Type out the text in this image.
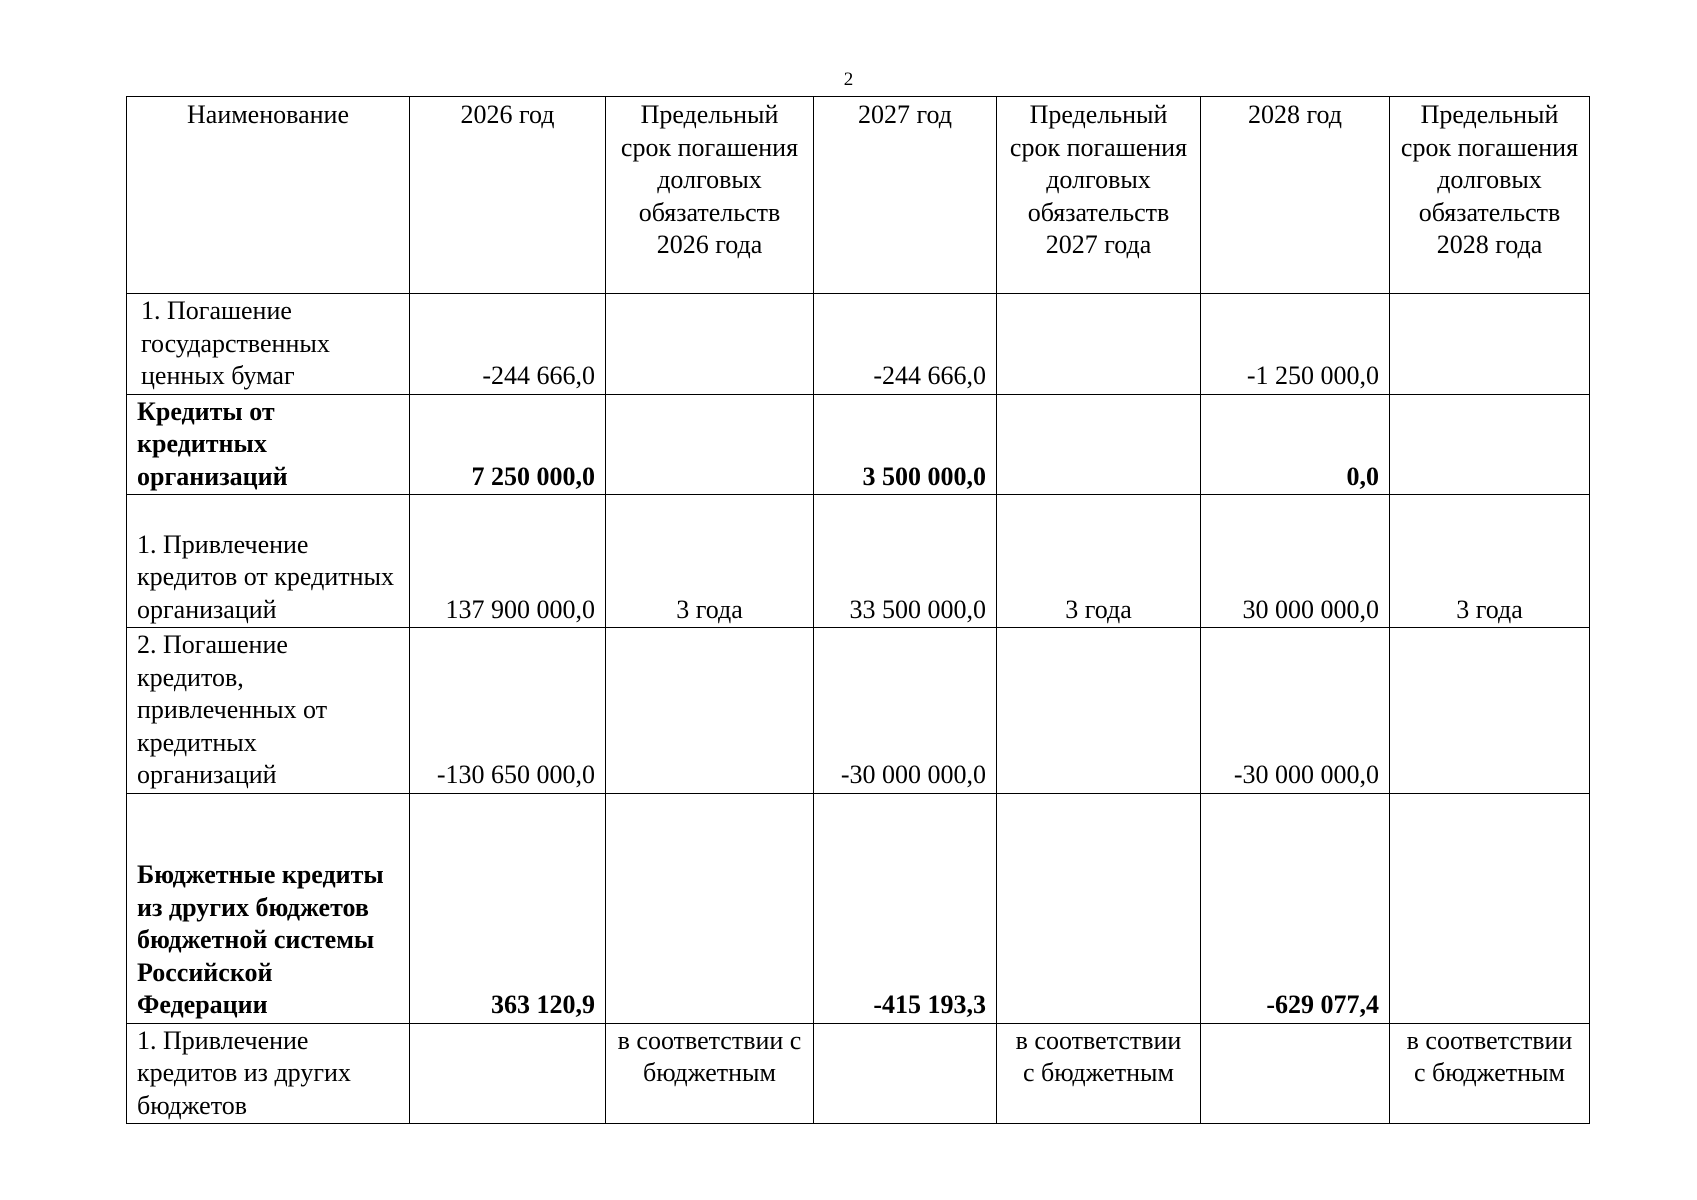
2
Наименование	2026 год	Предельный срок погашения долговых обязательств 2026 года	2027 год	Предельный срок погашения долговых обязательств 2027 года	2028 год	Предельный срок погашения долговых обязательств 2028 года
1. Погашение государственных ценных бумаг	-244 666,0		-244 666,0		-1 250 000,0	
Кредиты от кредитных организаций	7 250 000,0		3 500 000,0		0,0	
1. Привлечение кредитов от кредитных организаций	137 900 000,0	3 года	33 500 000,0	3 года	30 000 000,0	3 года
2. Погашение кредитов, привлеченных от кредитных организаций	-130 650 000,0		-30 000 000,0		-30 000 000,0	
Бюджетные кредиты из других бюджетов бюджетной системы Российской Федерации	363 120,9		-415 193,3		-629 077,4	
1. Привлечение кредитов из других бюджетов		в соответствии с бюджетным		в соответствии с бюджетным		в соответствии с бюджетным
